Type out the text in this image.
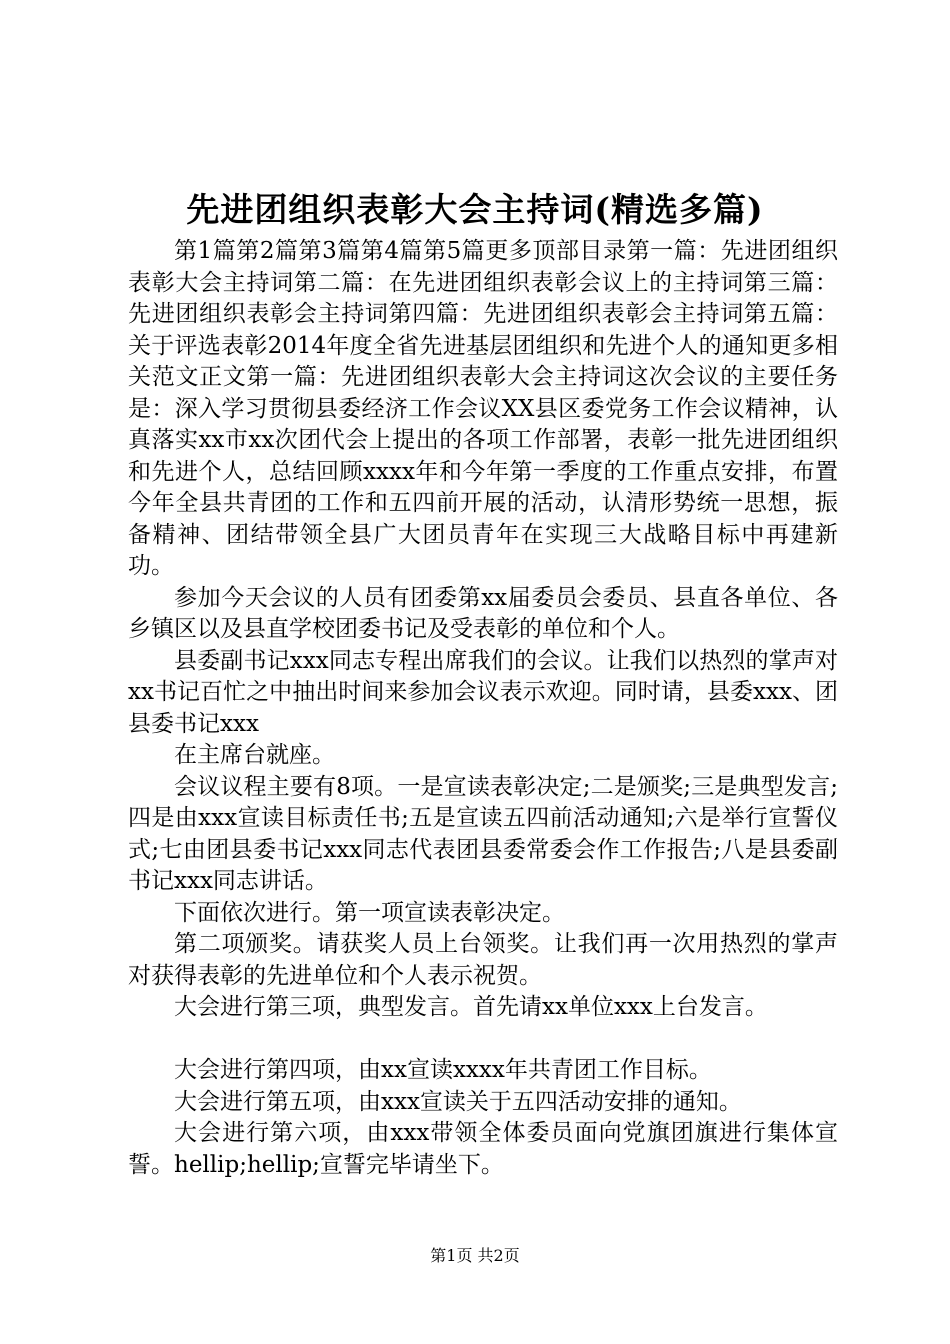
先进团组织表彰大会主持词(精选多篇)

第1篇第2篇第3篇第4篇第5篇更多顶部目录第一篇：先进团组织表彰大会主持词第二篇：在先进团组织表彰会议上的主持词第三篇：先进团组织表彰会主持词第四篇：先进团组织表彰会主持词第五篇：关于评选表彰2014年度全省先进基层团组织和先进个人的通知更多相关范文正文第一篇：先进团组织表彰大会主持词这次会议的主要任务是：深入学习贯彻县委经济工作会议XX县区委党务工作会议精神，认真落实xx市xx次团代会上提出的各项工作部署，表彰一批先进团组织和先进个人，总结回顾xxxx年和今年第一季度的工作重点安排，布置今年全县共青团的工作和五四前开展的活动，认清形势统一思想，振备精神、团结带领全县广大团员青年在实现三大战略目标中再建新功。

参加今天会议的人员有团委第xx届委员会委员、县直各单位、各乡镇区以及县直学校团委书记及受表彰的单位和个人。

县委副书记xxx同志专程出席我们的会议。让我们以热烈的掌声对xx书记百忙之中抽出时间来参加会议表示欢迎。同时请，县委xxx、团县委书记xxx

在主席台就座。

会议议程主要有8项。一是宣读表彰决定;二是颁奖;三是典型发言;四是由xxx宣读目标责任书;五是宣读五四前活动通知;六是举行宣誓仪式;七由团县委书记xxx同志代表团县委常委会作工作报告;八是县委副书记xxx同志讲话。

下面依次进行。第一项宣读表彰决定。

第二项颁奖。请获奖人员上台领奖。让我们再一次用热烈的掌声对获得表彰的先进单位和个人表示祝贺。

大会进行第三项，典型发言。首先请xx单位xxx上台发言。

大会进行第四项，由xx宣读xxxx年共青团工作目标。

大会进行第五项，由xxx宣读关于五四活动安排的通知。

大会进行第六项，由xxx带领全体委员面向党旗团旗进行集体宣誓。hellip;hellip;宣誓完毕请坐下。

第1页 共2页
